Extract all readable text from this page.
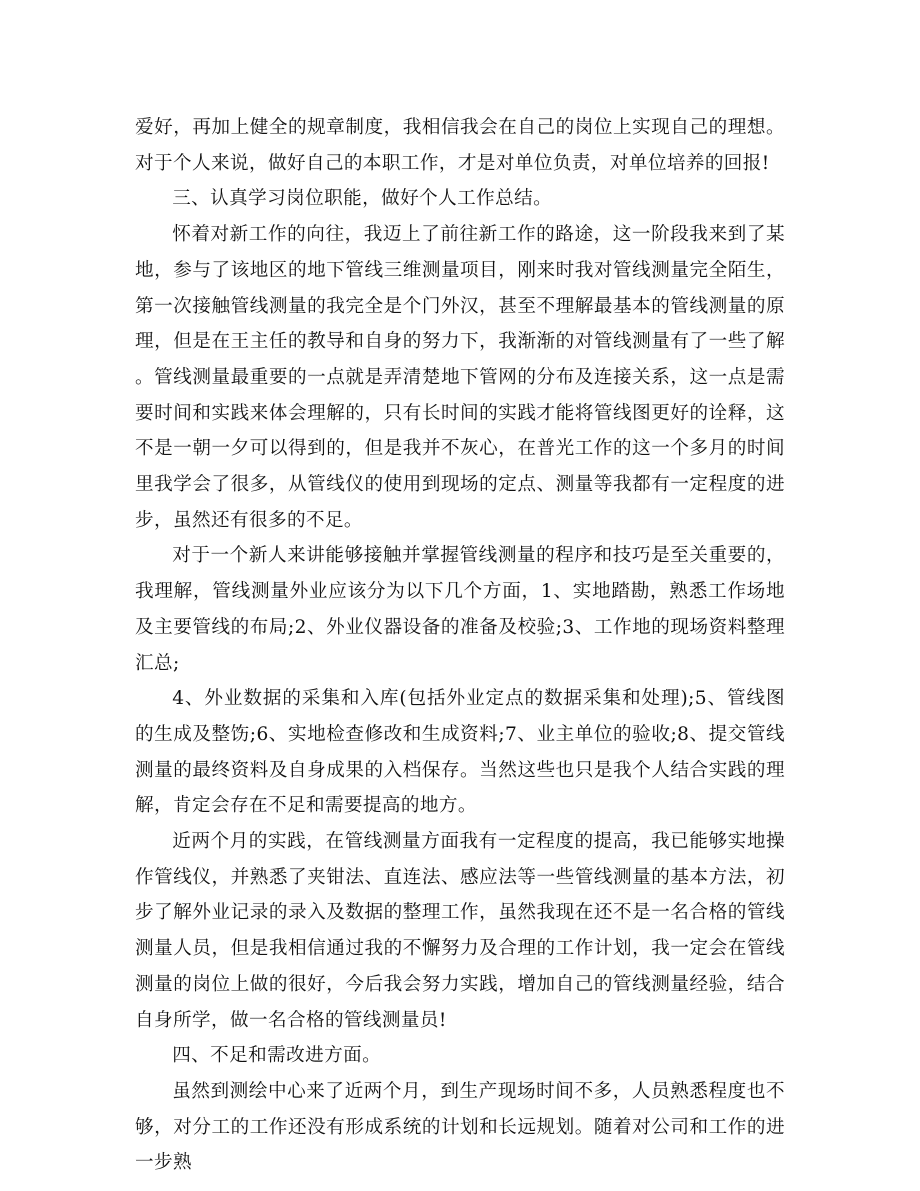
爱好，再加上健全的规章制度，我相信我会在自己的岗位上实现自己的理想。对于个人来说，做好自己的本职工作，才是对单位负责，对单位培养的回报!

三、认真学习岗位职能，做好个人工作总结。

怀着对新工作的向往，我迈上了前往新工作的路途，这一阶段我来到了某地，参与了该地区的地下管线三维测量项目，刚来时我对管线测量完全陌生，第一次接触管线测量的我完全是个门外汉，甚至不理解最基本的管线测量的原理，但是在王主任的教导和自身的努力下，我渐渐的对管线测量有了一些了解。管线测量最重要的一点就是弄清楚地下管网的分布及连接关系，这一点是需要时间和实践来体会理解的，只有长时间的实践才能将管线图更好的诠释，这不是一朝一夕可以得到的，但是我并不灰心，在普光工作的这一个多月的时间里我学会了很多，从管线仪的使用到现场的定点、测量等我都有一定程度的进步，虽然还有很多的不足。

对于一个新人来讲能够接触并掌握管线测量的程序和技巧是至关重要的，我理解，管线测量外业应该分为以下几个方面，1、实地踏勘，熟悉工作场地及主要管线的布局;2、外业仪器设备的准备及校验;3、工作地的现场资料整理汇总;

4、外业数据的采集和入库(包括外业定点的数据采集和处理);5、管线图的生成及整饬;6、实地检查修改和生成资料;7、业主单位的验收;8、提交管线测量的最终资料及自身成果的入档保存。当然这些也只是我个人结合实践的理解，肯定会存在不足和需要提高的地方。

近两个月的实践，在管线测量方面我有一定程度的提高，我已能够实地操作管线仪，并熟悉了夹钳法、直连法、感应法等一些管线测量的基本方法，初步了解外业记录的录入及数据的整理工作，虽然我现在还不是一名合格的管线测量人员，但是我相信通过我的不懈努力及合理的工作计划，我一定会在管线测量的岗位上做的很好，今后我会努力实践，增加自己的管线测量经验，结合自身所学，做一名合格的管线测量员!

四、不足和需改进方面。

虽然到测绘中心来了近两个月，到生产现场时间不多，人员熟悉程度也不够，对分工的工作还没有形成系统的计划和长远规划。随着对公司和工作的进一步熟
